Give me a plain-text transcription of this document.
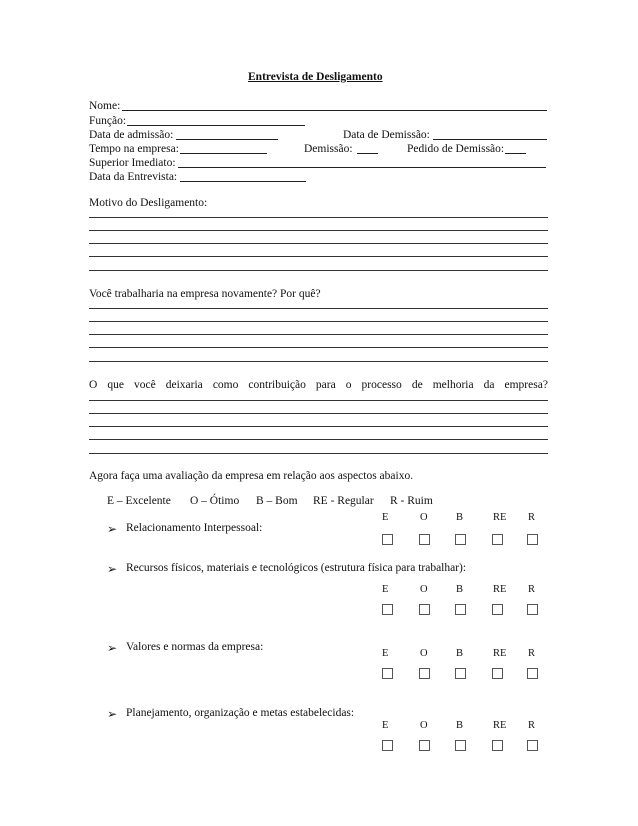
Entrevista de Desligamento
Nome:
Função:
Data de admissão:	Data de Demissão:
Tempo na empresa:	Demissão:	Pedido de Demissão:
Superior Imediato:
Data da Entrevista:
Motivo do Desligamento:
Você trabalharia na empresa novamente? Por quê?
O que você deixaria como contribuição para o processo de melhoria da empresa?
Agora faça uma avaliação da empresa em relação aos aspectos abaixo.
E – Excelente O – Ótimo B – Bom RE - Regular R - Ruim
E	O	B	RE R
➢ Relacionamento Interpessoal:
➢ Recursos físicos, materiais e tecnológicos (estrutura física para trabalhar):
E	O	B	RE R
➢ Valores e normas da empresa:
E	O	B	RE R
➢ Planejamento, organização e metas estabelecidas:
E	O	B	RE R
